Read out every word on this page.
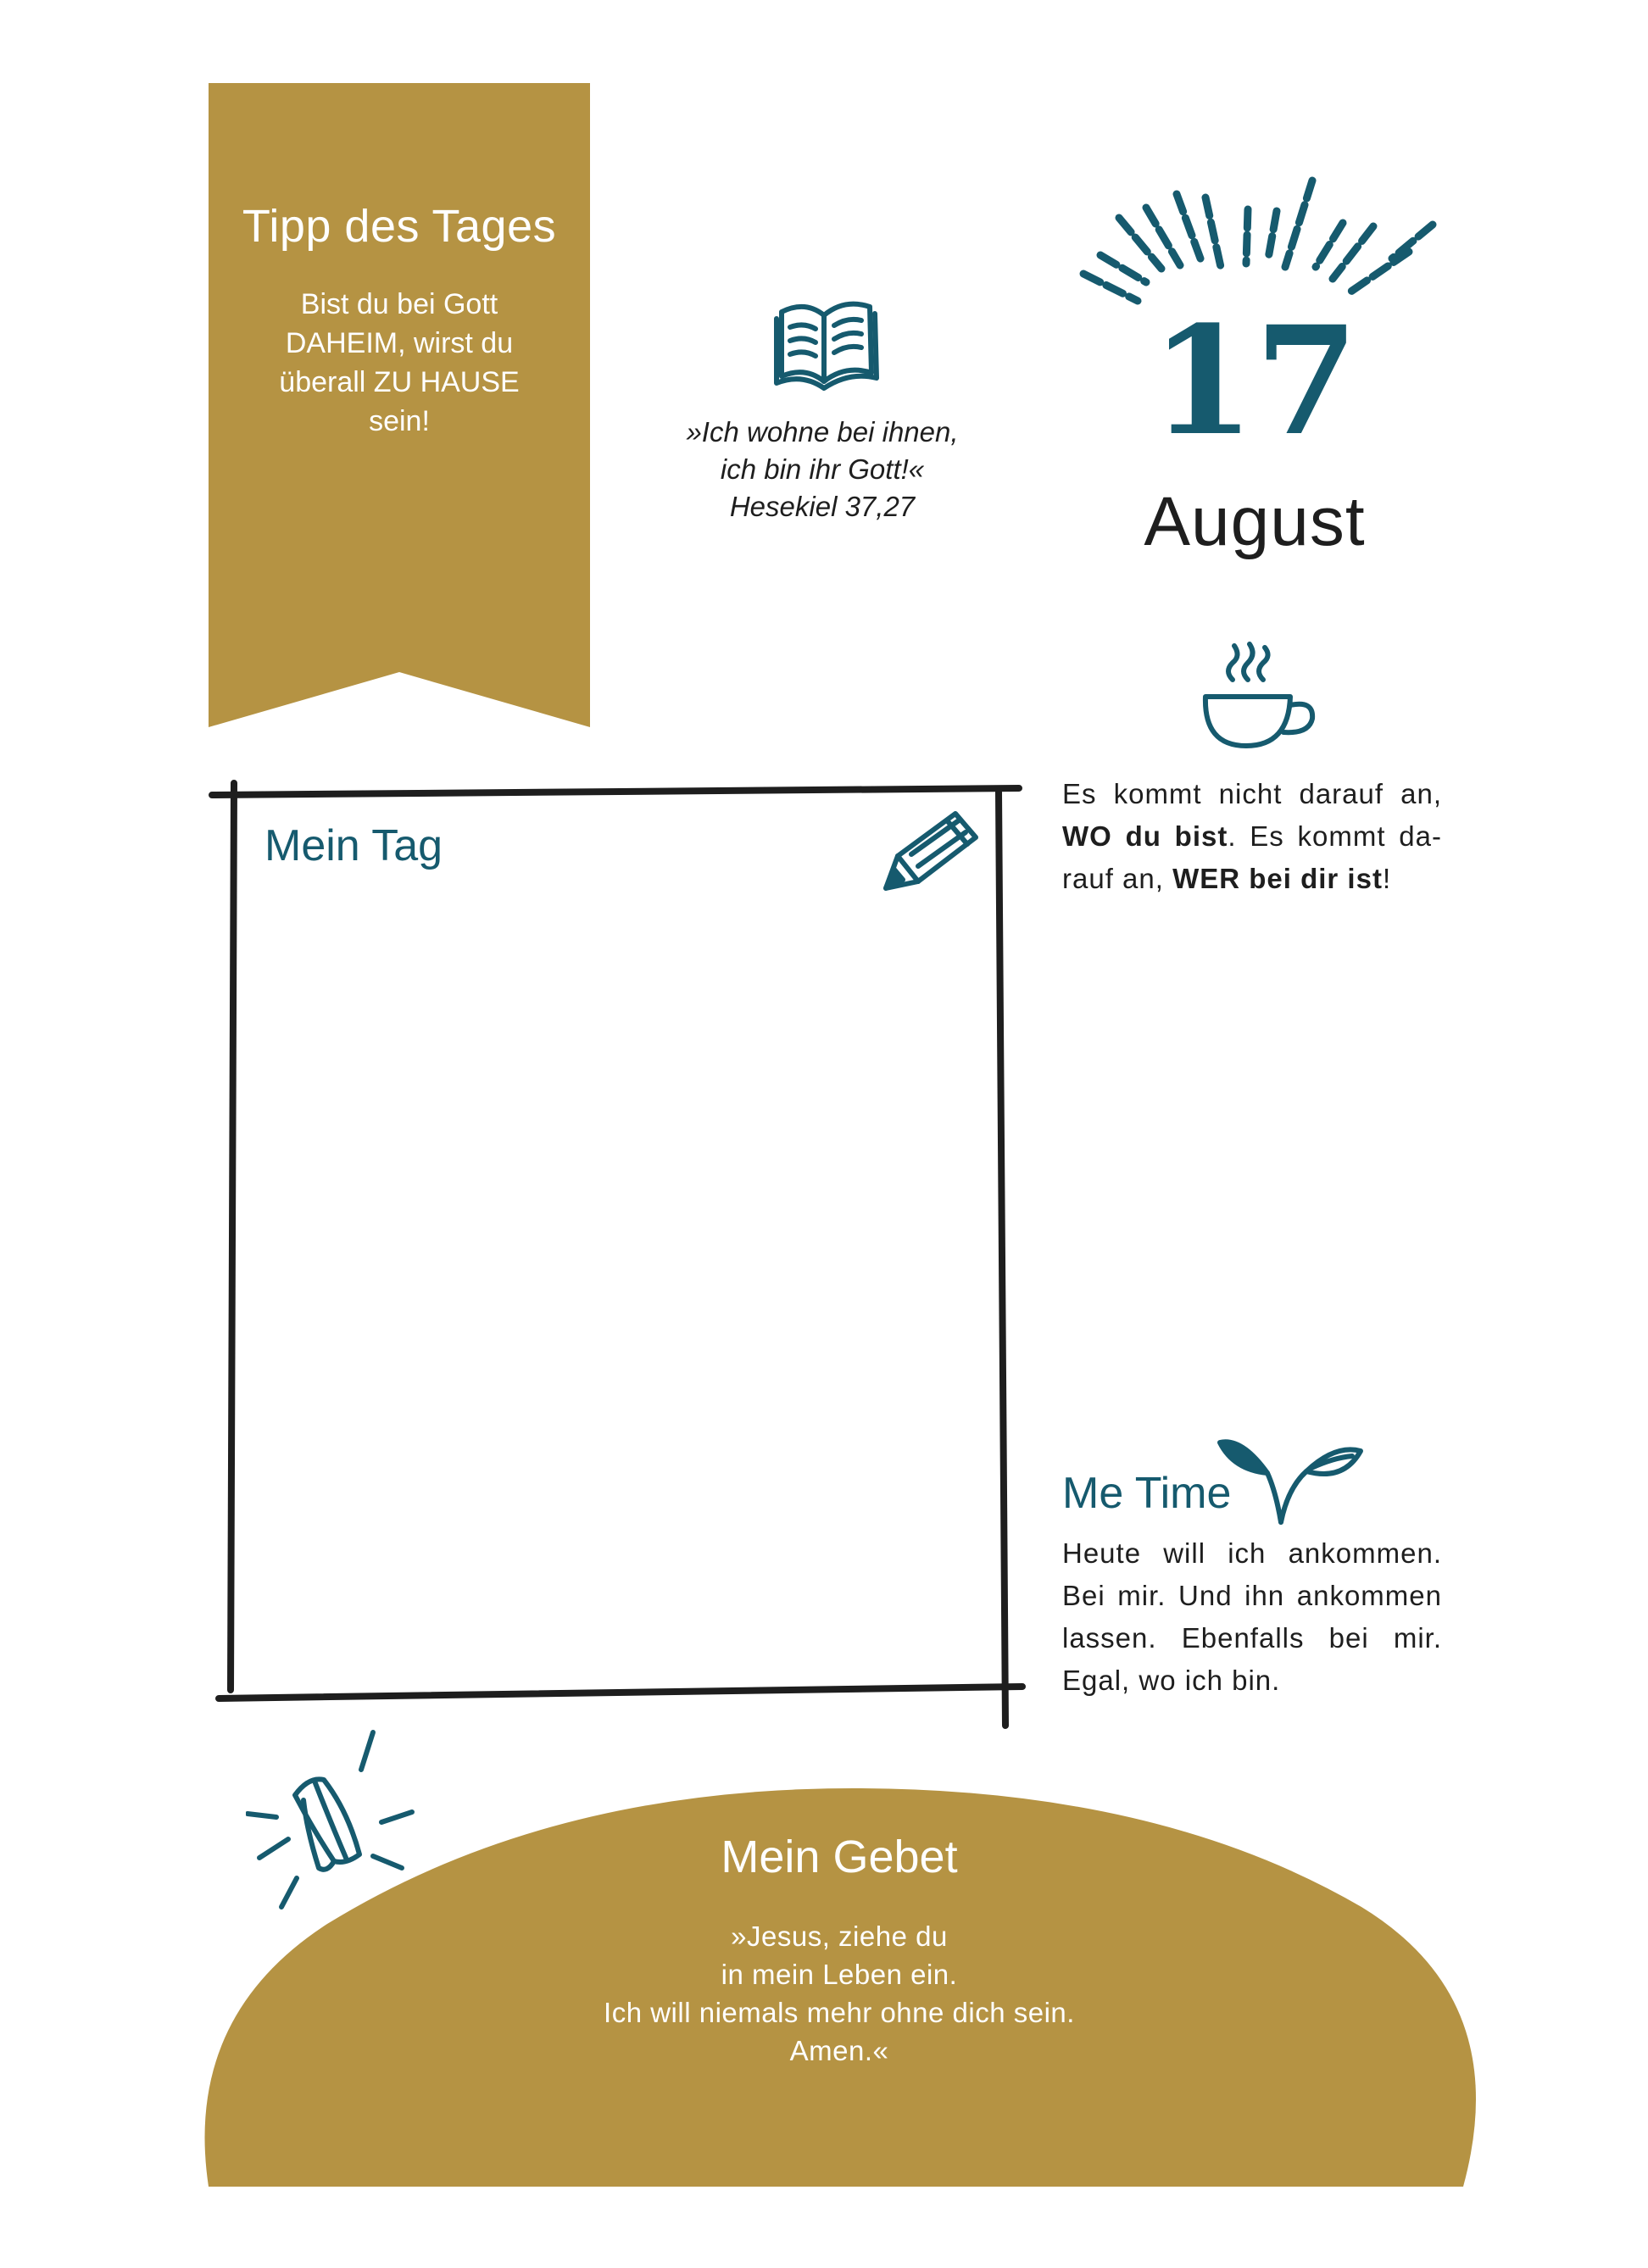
Tipp des Tages
Bist du bei Gott
DAHEIM, wirst du
überall ZU HAUSE
sein!	»Ich wohne bei ihnen,
ich bin ihr Gott!«
Hesekiel 37,27
17
August
Es kommt nicht darauf an, WO du bist. Es kommt da-rauf an, WER bei dir ist!
Mein Tag
Me Time
Heute will ich ankommen. Bei mir. Und ihn ankommen lassen. Ebenfalls bei mir. Egal, wo ich bin.
Mein Gebet
»Jesus, ziehe du
in mein Leben ein.
Ich will niemals mehr ohne dich sein.
Amen.«
